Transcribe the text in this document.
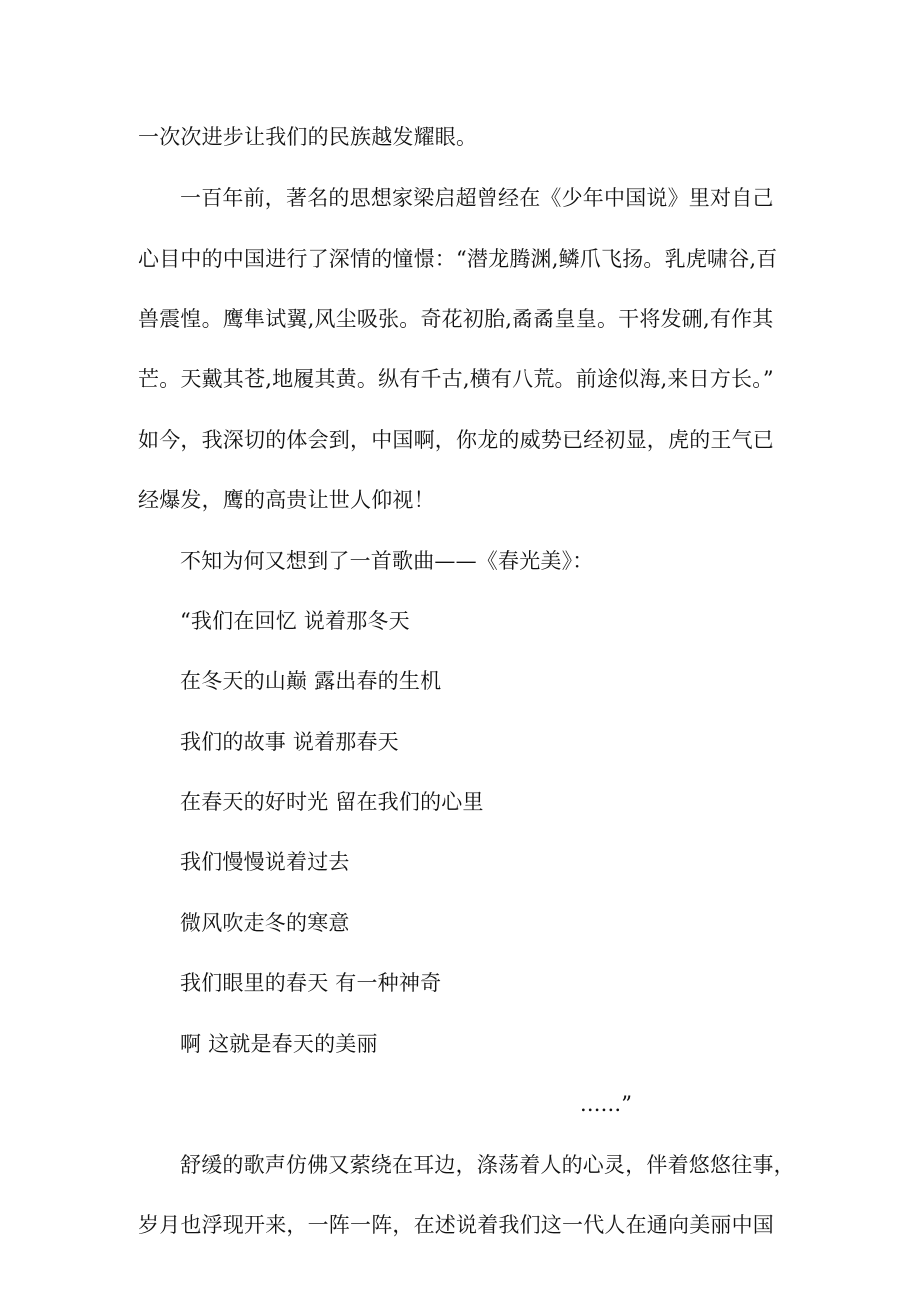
一次次进步让我们的民族越发耀眼。
一百年前，著名的思想家梁启超曾经在《少年中国说》里对自己
心目中的中国进行了深情的憧憬：“潜龙腾渊,鳞爪飞扬。乳虎啸谷,百
兽震惶。鹰隼试翼,风尘吸张。奇花初胎,矞矞皇皇。干将发硎,有作其
芒。天戴其苍,地履其黄。纵有千古,横有八荒。前途似海,来日方长。”
如今，我深切的体会到，中国啊，你龙的威势已经初显，虎的王气已
经爆发，鹰的高贵让世人仰视！
不知为何又想到了一首歌曲——《春光美》：
“我们在回忆 说着那冬天
在冬天的山巅 露出春的生机
我们的故事 说着那春天
在春天的好时光 留在我们的心里
我们慢慢说着过去
微风吹走冬的寒意
我们眼里的春天 有一种神奇
啊 这就是春天的美丽
......”
舒缓的歌声仿佛又萦绕在耳边，涤荡着人的心灵，伴着悠悠往事，
岁月也浮现开来，一阵一阵，在述说着我们这一代人在通向美丽中国
